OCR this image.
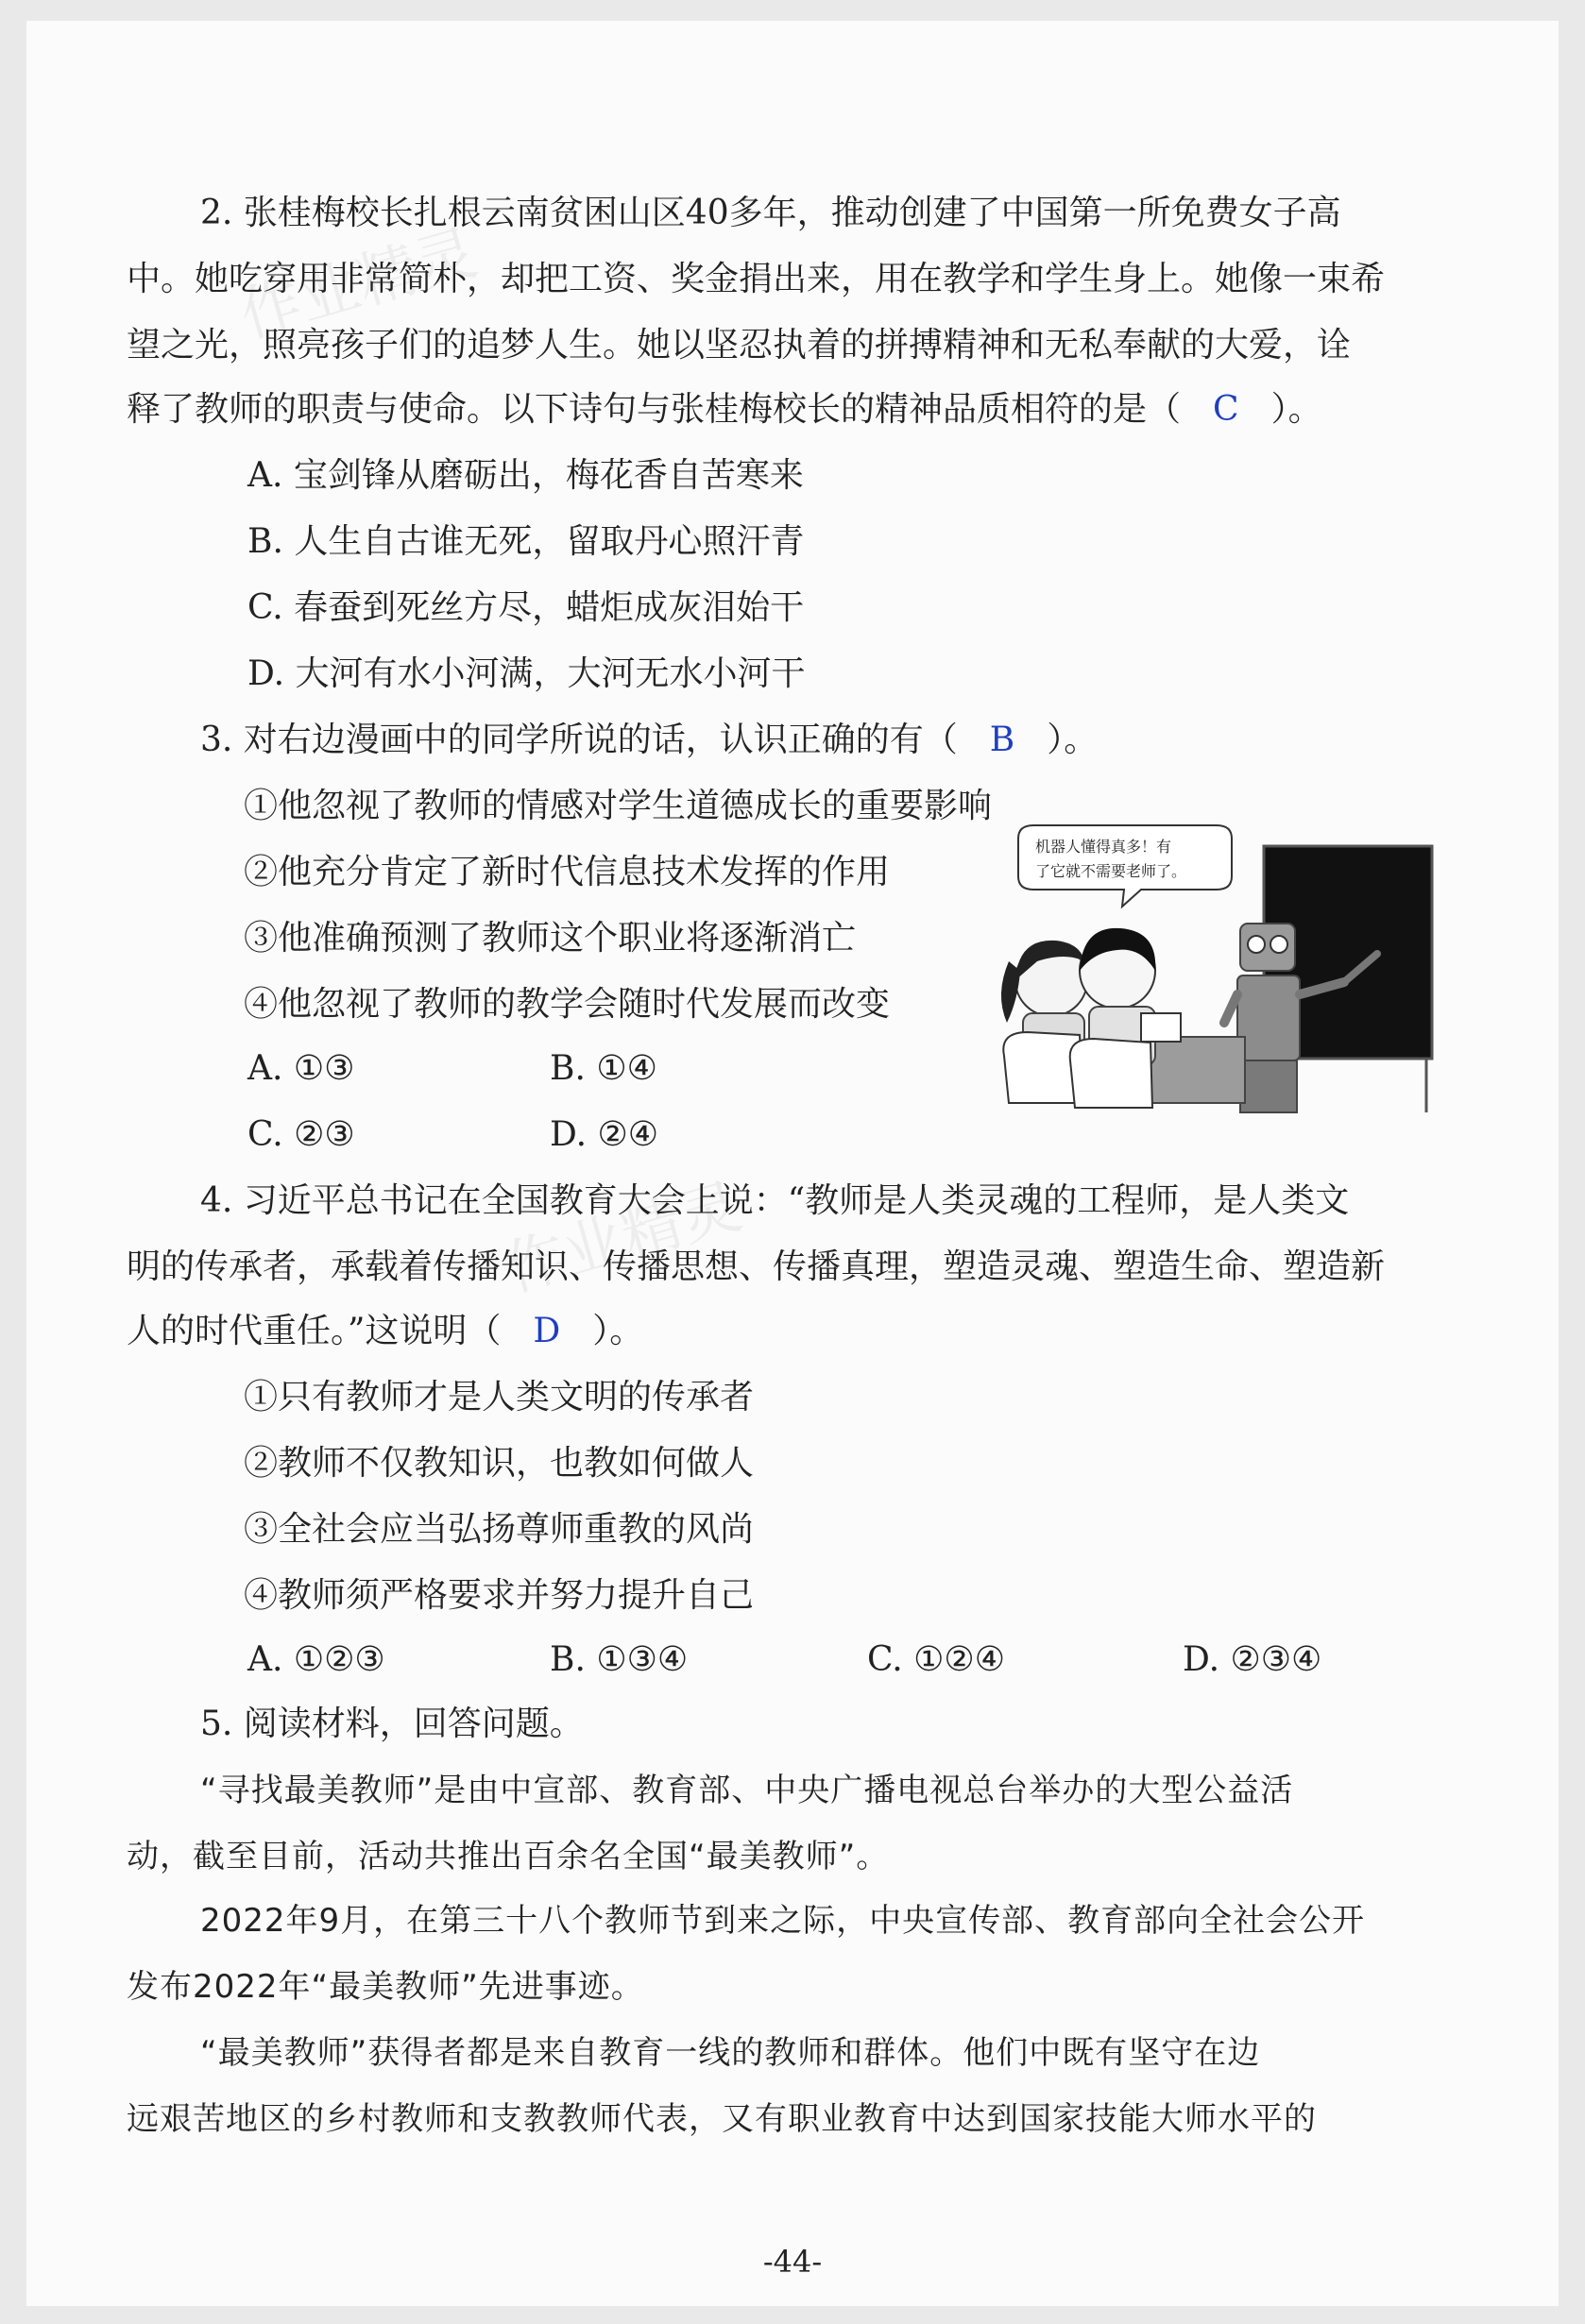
作业精灵
作业精灵
2. 张桂梅校长扎根云南贫困山区40多年，推动创建了中国第一所免费女子高
中。她吃穿用非常简朴，却把工资、奖金捐出来，用在教学和学生身上。她像一束希
望之光，照亮孩子们的追梦人生。她以坚忍执着的拼搏精神和无私奉献的大爱，诠
释了教师的职责与使命。以下诗句与张桂梅校长的精神品质相符的是（ C ）。
A. 宝剑锋从磨砺出，梅花香自苦寒来
B. 人生自古谁无死，留取丹心照汗青
C. 春蚕到死丝方尽，蜡炬成灰泪始干
D. 大河有水小河满，大河无水小河干
3. 对右边漫画中的同学所说的话，认识正确的有（ B ）。
①他忽视了教师的情感对学生道德成长的重要影响
②他充分肯定了新时代信息技术发挥的作用
③他准确预测了教师这个职业将逐渐消亡
④他忽视了教师的教学会随时代发展而改变
A. ①③	B. ①④
C. ②③	D. ②④
机器人懂得真多！有
了它就不需要老师了。
4. 习近平总书记在全国教育大会上说：“教师是人类灵魂的工程师，是人类文
明的传承者，承载着传播知识、传播思想、传播真理，塑造灵魂、塑造生命、塑造新
人的时代重任。”这说明（ D ）。
①只有教师才是人类文明的传承者
②教师不仅教知识，也教如何做人
③全社会应当弘扬尊师重教的风尚
④教师须严格要求并努力提升自己
A. ①②③	B. ①③④	C. ①②④	D. ②③④
5. 阅读材料，回答问题。
“寻找最美教师”是由中宣部、教育部、中央广播电视总台举办的大型公益活
动，截至目前，活动共推出百余名全国“最美教师”。
2022年9月，在第三十八个教师节到来之际，中央宣传部、教育部向全社会公开
发布2022年“最美教师”先进事迹。
“最美教师”获得者都是来自教育一线的教师和群体。他们中既有坚守在边
远艰苦地区的乡村教师和支教教师代表，又有职业教育中达到国家技能大师水平的
-44-
